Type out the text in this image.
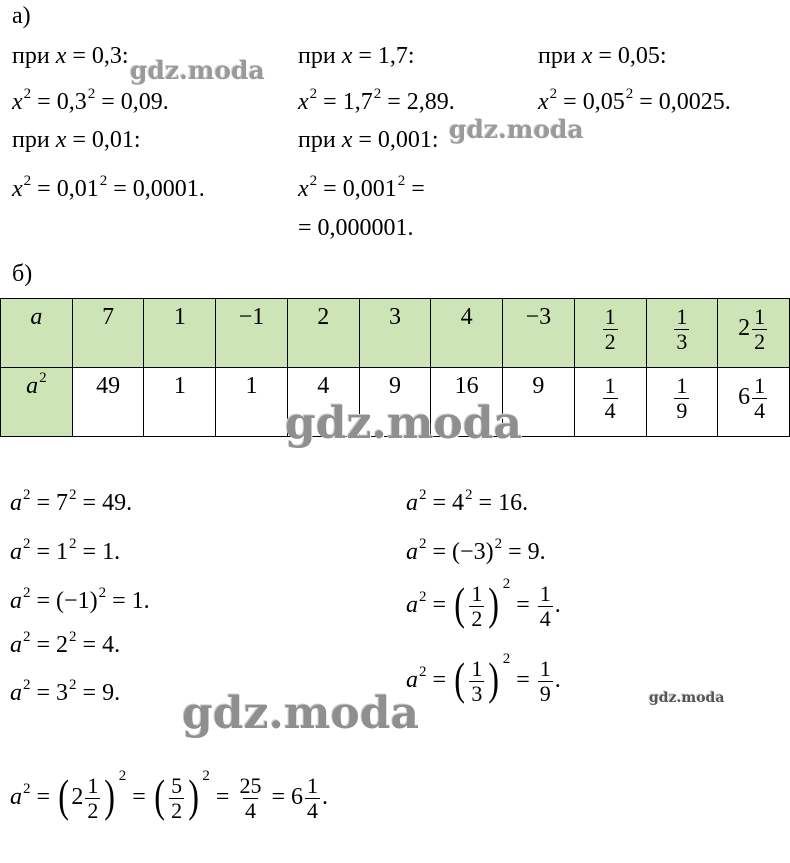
а)
при x = 0,3:
$x^2 = 0,3^2 = 0,09$.
при x = 1,7:
$x^2 = 1,7^2 = 2,89$.
при x = 0,05:
$x^2 = 0,05^2 = 0,0025$.
при x = 0,01:
$x^2 = 0,01^2 = 0,0001$.
при x = 0,001:
$x^2 = 0,001^2$ =
= 0,000001.
б)
a	7	1	−1	2	3	4	−3	$\frac{1}{2}$	$\frac{1}{3}$	$2 \frac{1}{2}$

$a^2$	49	1	1	4	9	16	9	$\frac{1}{4}$	$\frac{1}{9}$	$6 \frac{1}{4}$
$a^2 = 7^2 = 49$.
$a^2 = 1^2 = 1$.
$a^2 = (-1)^2 = 1$.
$a^2 = 2^2 = 4$.
$a^2 = 3^2 = 9$.
$a^2 = 4^2 = 16$.
$a^2 = (-3)^2 = 9$.
$a^2$ = ( $\frac{1}{2}$ ) $^2 = \frac{1}{4}$ .
$a^2$ = ( $\frac{1}{3}$ ) $^2 = \frac{1}{9}$ .
$a^2 = (2 \frac{1}{2}$ ) $^2$ = ( $\frac{5}{2}$ ) $^2 = \frac{25}{4} = 6 \frac{1}{4}$ .
gdz.moda
gdz.moda
gdz.moda
gdz.moda	gdz.moda
